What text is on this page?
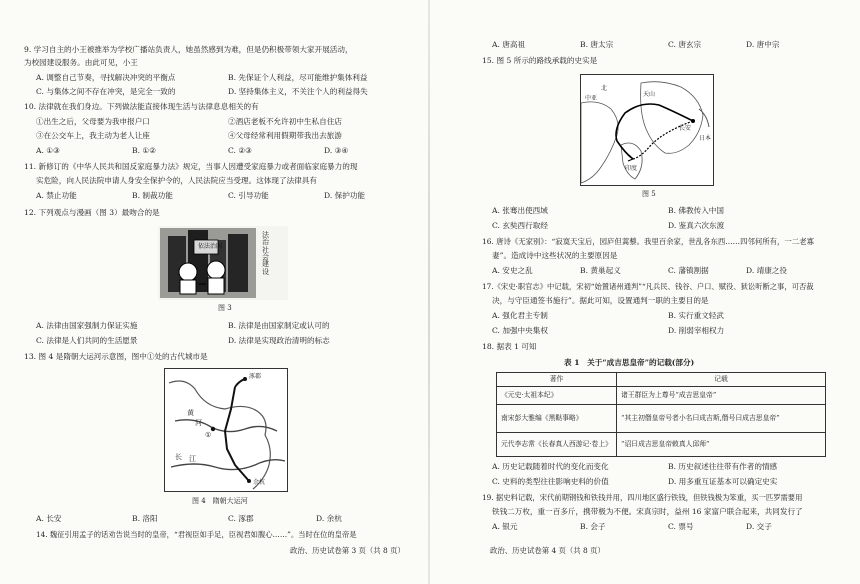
9. 学习自主的小王被推举为学校广播站负责人，她虽然感到为难，但是仍积极带领大家开展活动，
为校园建设服务。由此可见，小王
A. 调整自己节奏，寻找解决冲突的平衡点	B. 先保证个人利益，尽可能维护集体利益
C. 与集体之间不存在冲突，是完全一致的	D. 坚持集体主义，不关注个人的利益得失
10. 法律就在我们身边。下列做法能直接体现生活与法律息息相关的有
①出生之后，父母要为我申报户口	②酒店老板不允许初中生私自住店
③在公交车上，我主动为老人让座	④父母经常利用假期带我出去旅游
A. ①③	B. ①②	C. ②③	D. ③④
11. 新修订的《中华人民共和国反家庭暴力法》规定，当事人因遭受家庭暴力或者面临家庭暴力的现
实危险，向人民法院申请人身安全保护令的，人民法院应当受理。这体现了法律具有
A. 禁止功能	B. 制裁功能	C. 引导功能	D. 保护功能
12. 下列观点与漫画（图 3）最吻合的是
依法治国
法治社会建设
图 3
A. 法律由国家强制力保证实施	B. 法律是由国家制定或认可的
C. 法律是人们共同的生活愿景	D. 法律是实现政治清明的标志
13. 图 4 是隋朝大运河示意图，图中①处的古代城市是
①
黄
河
长 江
涿郡
余杭
图 4　隋朝大运河
A. 长安	B. 洛阳	C. 涿郡	D. 余杭
14. 魏征引用孟子的话劝告说当时的皇帝，“君视臣如手足，臣视君如腹心……”。当时在位的皇帝是
政治、历史试卷第 3 页（共 8 页）
A. 唐高祖	B. 唐太宗	C. 唐玄宗	D. 唐中宗
15. 图 5 所示的路线承载的史实是
天山
中亚
北
印度
长安
日本
图 5
A. 张骞出使西域	B. 佛教传入中国
C. 玄奘西行取经	D. 鉴真六次东渡
16. 唐诗《无家别》：“寂寞天宝后，园庐但蒿藜。我里百余家，世乱各东西……四邻何所有，一二老寡
妻”。造成诗中这些状况的主要原因是
A. 安史之乱	B. 黄巢起义	C. 藩镇割据	D. 靖康之役
17.《宋史·职官志》中记载，宋初“始置诸州通判”“凡兵民、钱谷、户口、赋役、狱讼听断之事，可否裁
决，与守臣通签书施行”。据此可知，设置通判一职的主要目的是
A. 强化君主专制	B. 实行重文轻武
C. 加强中央集权	D. 削弱宰相权力
18. 据表 1 可知
表 1　关于“成吉思皇帝”的记载(部分)
著作	记载
《元史·太祖本纪》	诸王群臣为上尊号“成吉思皇帝”
南宋彭大雅编《黑鞑事略》	“其主初僭皇帝号者小名曰成吉斯,僭号曰成吉思皇帝”
元代李志常《长春真人西游记·卷上》	“诏曰成吉思皇帝敕真人邱师”
A. 历史记载随着时代的变化而变化	B. 历史叙述往往带有作者的情感
C. 史料的类型往往影响史料的价值	D. 用多重互证基本可以确定史实
19. 据史料记载，宋代前期钢钱和铁钱并用，四川地区盛行铁钱，但铁钱极为笨重，买一匹罗需要用
铁钱二万枚，重一百多斤，携带极为不便。宋真宗时，益州 16 家富户联合起来，共同发行了
A. 银元	B. 会子	C. 票号	D. 交子
政治、历史试卷第 4 页（共 8 页）
